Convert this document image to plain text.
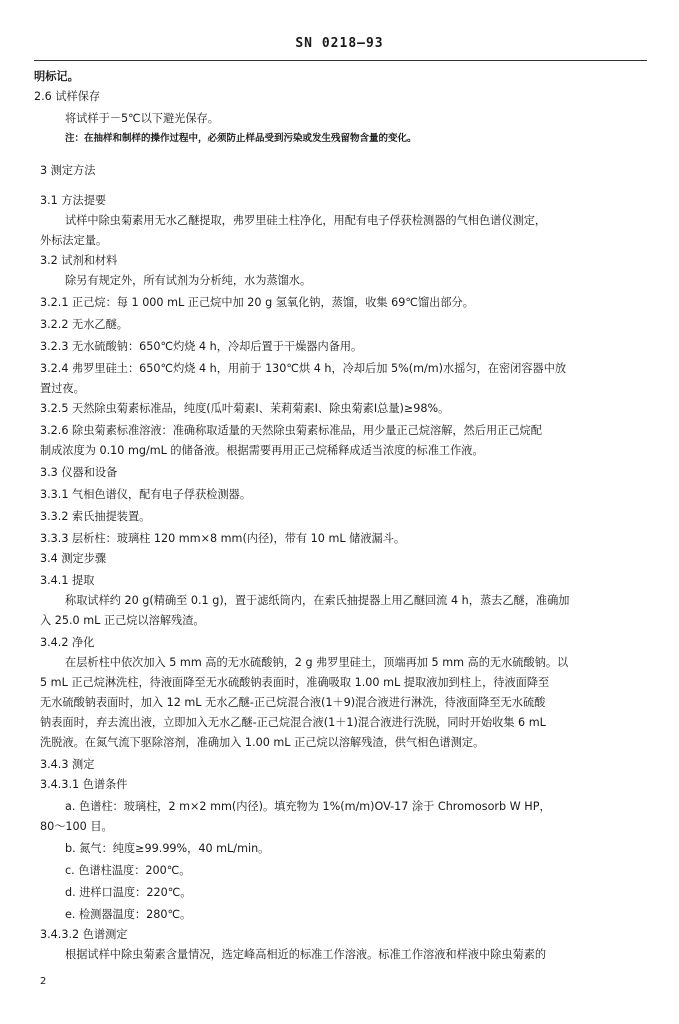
SN 0218—93
明标记。
2.6 试样保存
将试样于－5℃以下避光保存。
注：在抽样和制样的操作过程中，必须防止样品受到污染或发生残留物含量的变化。
3 测定方法
3.1 方法提要
试样中除虫菊素用无水乙醚提取，弗罗里硅土柱净化，用配有电子俘获检测器的气相色谱仪测定，
外标法定量。
3.2 试剂和材料
除另有规定外，所有试剂为分析纯，水为蒸馏水。
3.2.1 正己烷：每 1 000 mL 正己烷中加 20 g 氢氧化钠，蒸馏，收集 69℃馏出部分。
3.2.2 无水乙醚。
3.2.3 无水硫酸钠：650℃灼烧 4 h，冷却后置于干燥器内备用。
3.2.4 弗罗里硅土：650℃灼烧 4 h，用前于 130℃烘 4 h，冷却后加 5%(m/m)水摇匀，在密闭容器中放
置过夜。
3.2.5 天然除虫菊素标准品，纯度(瓜叶菊素Ⅰ、茉莉菊素Ⅰ、除虫菊素Ⅰ总量)≥98%。
3.2.6 除虫菊素标准溶液：准确称取适量的天然除虫菊素标准品，用少量正己烷溶解，然后用正己烷配
制成浓度为 0.10 mg/mL 的储备液。根据需要再用正己烷稀释成适当浓度的标准工作液。
3.3 仪器和设备
3.3.1 气相色谱仪，配有电子俘获检测器。
3.3.2 索氏抽提装置。
3.3.3 层析柱：玻璃柱 120 mm×8 mm(内径)，带有 10 mL 储液漏斗。
3.4 测定步骤
3.4.1 提取
称取试样约 20 g(精确至 0.1 g)，置于滤纸筒内，在索氏抽提器上用乙醚回流 4 h，蒸去乙醚，准确加
入 25.0 mL 正己烷以溶解残渣。
3.4.2 净化
在层析柱中依次加入 5 mm 高的无水硫酸钠，2 g 弗罗里硅土，顶端再加 5 mm 高的无水硫酸钠。以
5 mL 正己烷淋洗柱，待液面降至无水硫酸钠表面时，准确吸取 1.00 mL 提取液加到柱上，待液面降至
无水硫酸钠表面时，加入 12 mL 无水乙醚-正己烷混合液(1＋9)混合液进行淋洗，待液面降至无水硫酸
钠表面时，弃去流出液，立即加入无水乙醚-正己烷混合液(1＋1)混合液进行洗脱，同时开始收集 6 mL
洗脱液。在氮气流下驱除溶剂，准确加入 1.00 mL 正己烷以溶解残渣，供气相色谱测定。
3.4.3 测定
3.4.3.1 色谱条件
a. 色谱柱：玻璃柱，2 m×2 mm(内径)。填充物为 1%(m/m)OV-17 涂于 Chromosorb W HP，
80～100 目。
b. 氮气：纯度≥99.99%，40 mL/min。
c. 色谱柱温度：200℃。
d. 进样口温度：220℃。
e. 检测器温度：280℃。
3.4.3.2 色谱测定
根据试样中除虫菊素含量情况，选定峰高相近的标准工作溶液。标准工作溶液和样液中除虫菊素的
2
